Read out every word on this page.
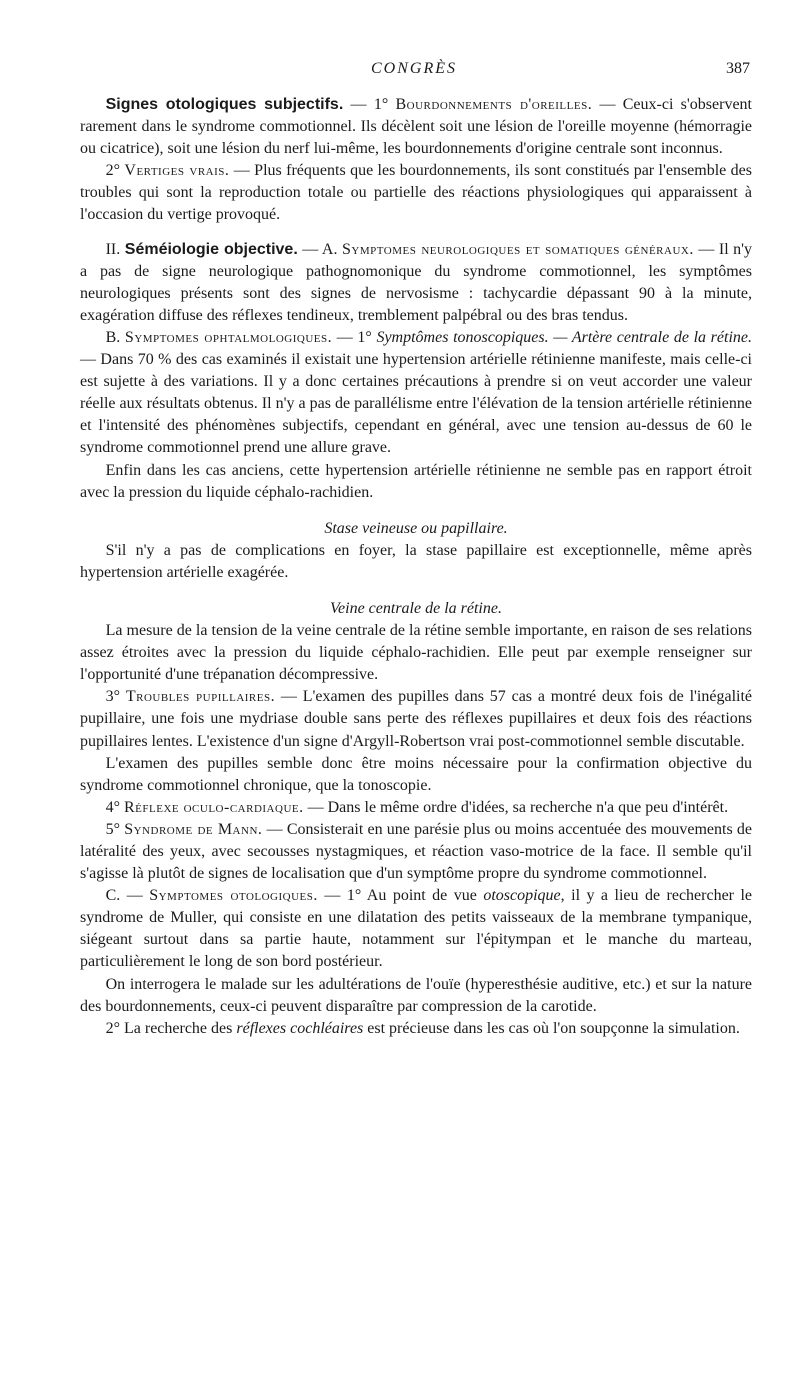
CONGRÈS	387

Signes otologiques subjectifs. — 1° Bourdonnements d'oreilles. — Ceux-ci s'observent rarement dans le syndrome commotionnel. Ils décèlent soit une lésion de l'oreille moyenne (hémorragie ou cicatrice), soit une lésion du nerf lui-même, les bourdonnements d'origine centrale sont inconnus.

2° Vertiges vrais. — Plus fréquents que les bourdonnements, ils sont constitués par l'ensemble des troubles qui sont la reproduction totale ou partielle des réactions physiologiques qui apparaissent à l'occasion du vertige provoqué.

II. Séméiologie objective. — A. Symptomes neurologiques et somatiques généraux. — Il n'y a pas de signe neurologique pathognomonique du syndrome commotionnel, les symptômes neurologiques présents sont des signes de nervosisme : tachycardie dépassant 90 à la minute, exagération diffuse des réflexes tendineux, tremblement palpébral ou des bras tendus.

B. Symptomes ophtalmologiques. — 1° Symptômes tonoscopiques. — Artère centrale de la rétine. — Dans 70 % des cas examinés il existait une hypertension artérielle rétinienne manifeste, mais celle-ci est sujette à des variations. Il y a donc certaines précautions à prendre si on veut accorder une valeur réelle aux résultats obtenus. Il n'y a pas de parallélisme entre l'élévation de la tension artérielle rétinienne et l'intensité des phénomènes subjectifs, cependant en général, avec une tension au-dessus de 60 le syndrome commotionnel prend une allure grave.

Enfin dans les cas anciens, cette hypertension artérielle rétinienne ne semble pas en rapport étroit avec la pression du liquide céphalo-rachidien.

Stase veineuse ou papillaire.

S'il n'y a pas de complications en foyer, la stase papillaire est exceptionnelle, même après hypertension artérielle exagérée.

Veine centrale de la rétine.

La mesure de la tension de la veine centrale de la rétine semble importante, en raison de ses relations assez étroites avec la pression du liquide céphalo-rachidien. Elle peut par exemple renseigner sur l'opportunité d'une trépanation décompressive.

3° Troubles pupillaires. — L'examen des pupilles dans 57 cas a montré deux fois de l'inégalité pupillaire, une fois une mydriase double sans perte des réflexes pupillaires et deux fois des réactions pupillaires lentes. L'existence d'un signe d'Argyll-Robertson vrai post-commotionnel semble discutable.

L'examen des pupilles semble donc être moins nécessaire pour la confirmation objective du syndrome commotionnel chronique, que la tonoscopie.

4° Réflexe oculo-cardiaque. — Dans le même ordre d'idées, sa recherche n'a que peu d'intérêt.

5° Syndrome de Mann. — Consisterait en une parésie plus ou moins accentuée des mouvements de latéralité des yeux, avec secousses nystagmiques, et réaction vaso-motrice de la face. Il semble qu'il s'agisse là plutôt de signes de localisation que d'un symptôme propre du syndrome commotionnel.

C. — Symptomes otologiques. — 1° Au point de vue otoscopique, il y a lieu de rechercher le syndrome de Muller, qui consiste en une dilatation des petits vaisseaux de la membrane tympanique, siégeant surtout dans sa partie haute, notamment sur l'épitympan et le manche du marteau, particulièrement le long de son bord postérieur.

On interrogera le malade sur les adultérations de l'ouïe (hyperesthésie auditive, etc.) et sur la nature des bourdonnements, ceux-ci peuvent disparaître par compression de la carotide.

2° La recherche des réflexes cochléaires est précieuse dans les cas où l'on soupçonne la simulation.
